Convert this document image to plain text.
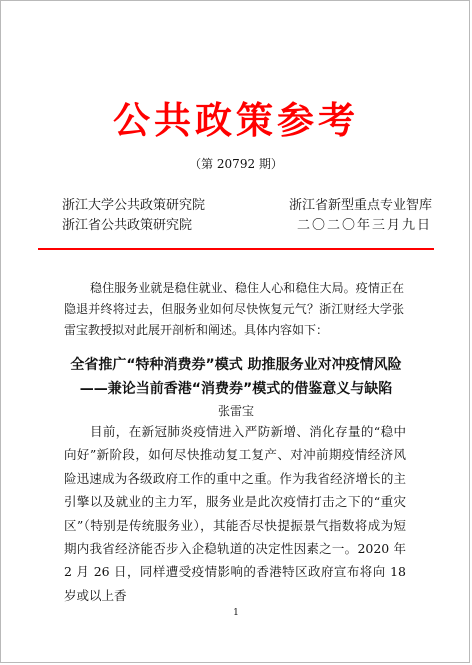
公共政策参考
（第 20792 期）
浙江大学公共政策研究院	浙江省新型重点专业智库
浙江省公共政策研究院	二〇二〇年三月九日
稳住服务业就是稳住就业、稳住人心和稳住大局。疫情正在隐退并终将过去，但服务业如何尽快恢复元气？浙江财经大学张雷宝教授拟对此展开剖析和阐述。具体内容如下：
全省推广“特种消费券”模式 助推服务业对冲疫情风险
——兼论当前香港“消费券”模式的借鉴意义与缺陷
张雷宝
目前，在新冠肺炎疫情进入严防新增、消化存量的“稳中向好”新阶段，如何尽快推动复工复产、对冲前期疫情经济风险迅速成为各级政府工作的重中之重。作为我省经济增长的主引擎以及就业的主力军，服务业是此次疫情打击之下的“重灾区”（特别是传统服务业），其能否尽快提振景气指数将成为短期内我省经济能否步入企稳轨道的决定性因素之一。2020 年 2 月 26 日，同样遭受疫情影响的香港特区政府宣布将向 18 岁或以上香
1
